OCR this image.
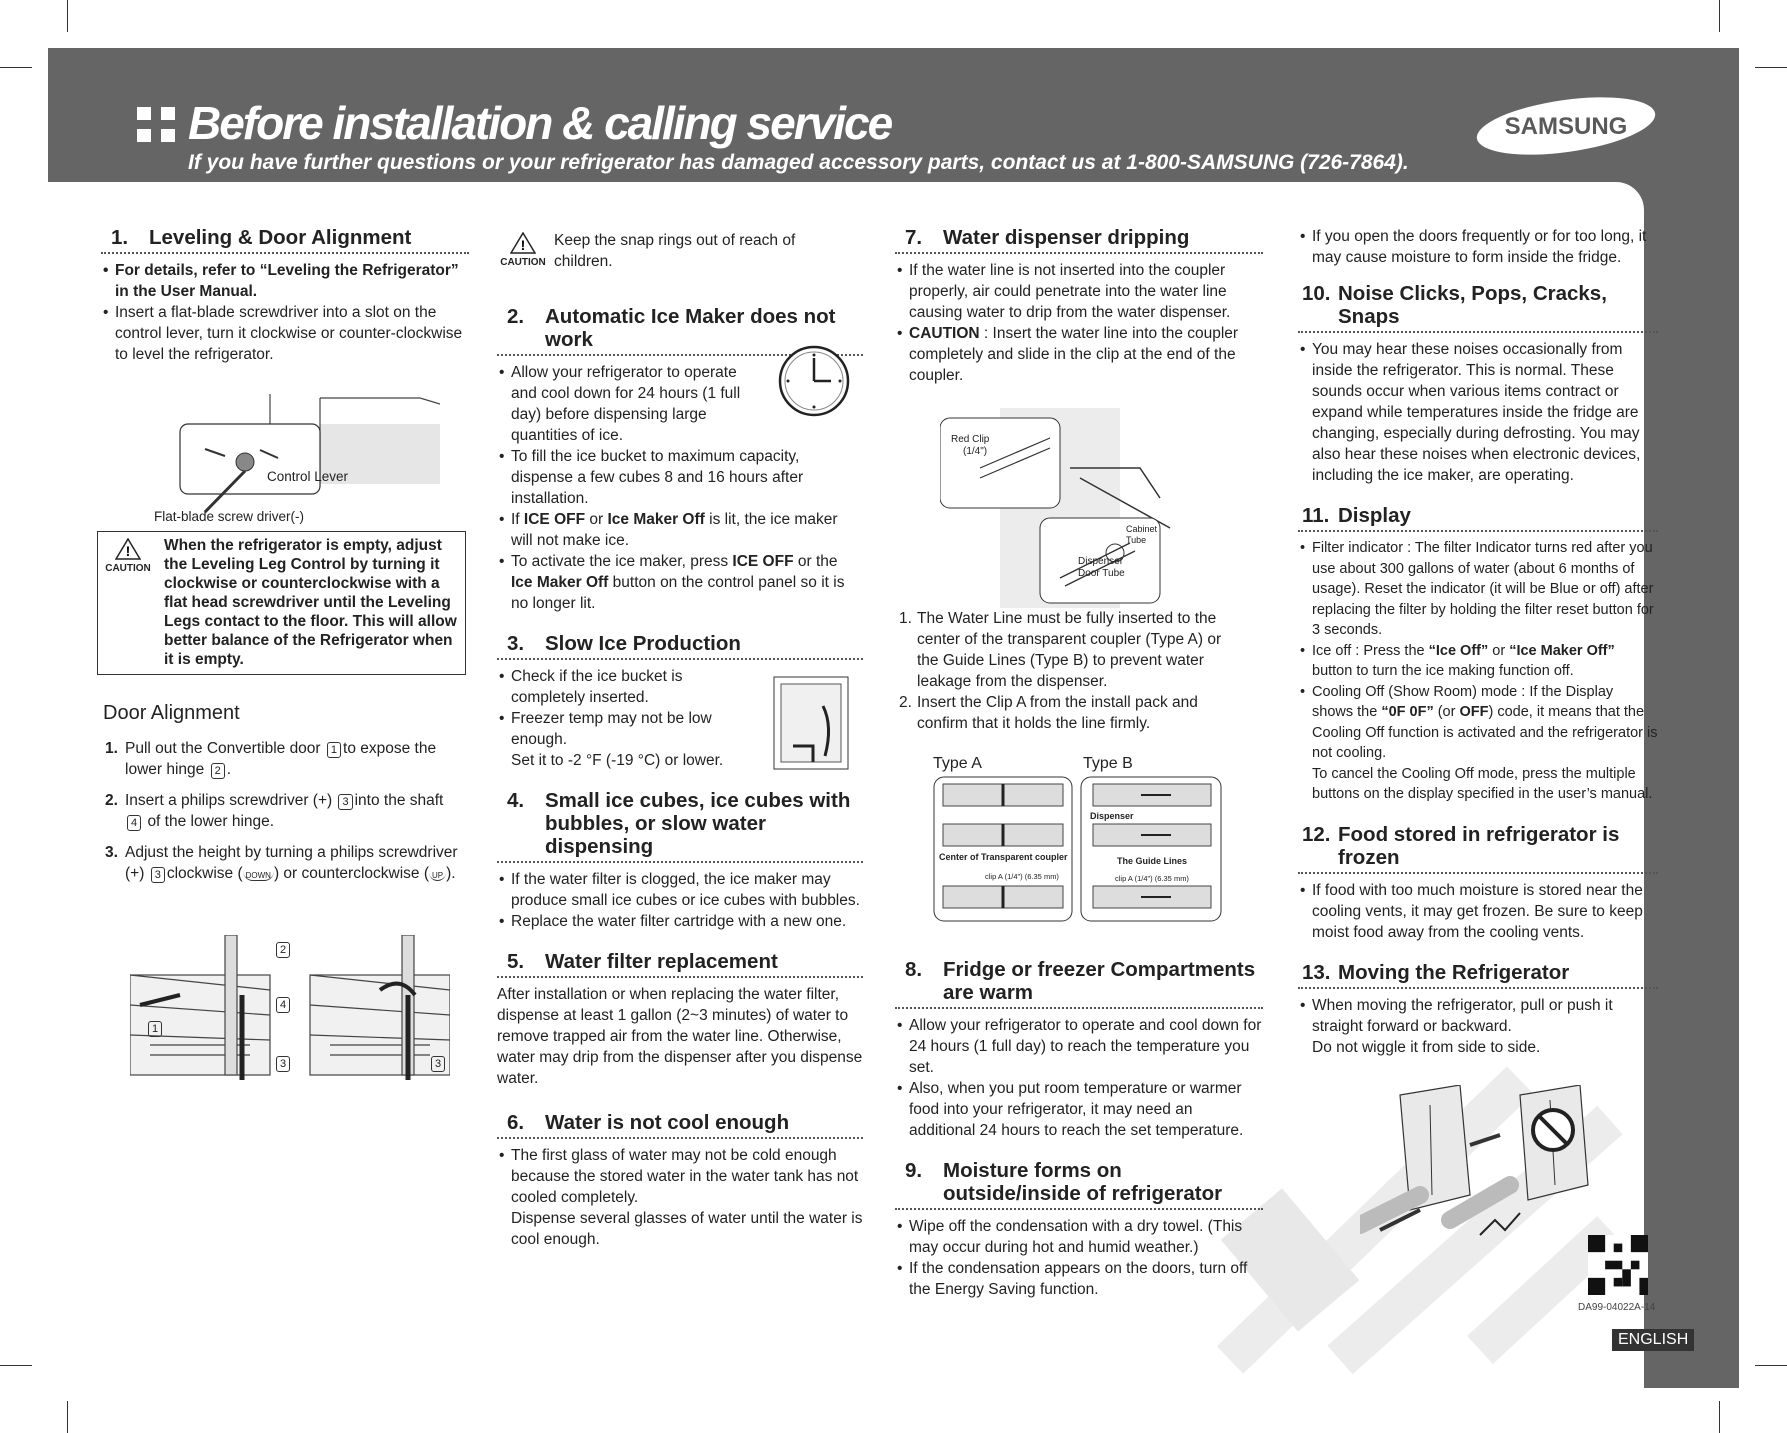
Before installation & calling service
If you have further questions or your refrigerator has damaged accessory parts, contact us at 1-800-SAMSUNG (726-7864).
SAMSUNG
1.	Leveling & Door Alignment

• For details, refer to “Leveling the Refrigerator” in the User Manual.

• Insert a flat-blade screwdriver into a slot on the control lever, turn it clockwise or counter-clockwise to level the refrigerator.

Control Lever
Flat-blade screw driver(-)
!
CAUTION
When the refrigerator is empty, adjust the Leveling Leg Control by turning it clockwise or counterclockwise with a flat head screwdriver until the Leveling Legs contact to the floor. This will allow better balance of the Refrigerator when it is empty.

Door Alignment

1. Pull out the Convertible door 1 to expose the lower hinge 2 .

2. Insert a philips screwdriver (+) 3 into the shaft
4 of the lower hinge.

3. Adjust the height by turning a philips screwdriver (+) 3 clockwise ( DOWN ) or counterclockwise ( UP ).

2
4
1
3	3
!
CAUTION
Keep the snap rings out of reach of children.
2.	Automatic Ice Maker does not work

• Allow your refrigerator to operate and cool down for 24 hours (1 full day) before dispensing large quantities of ice.

• To fill the ice bucket to maximum capacity, dispense a few cubes 8 and 16 hours after installation.

• If ICE OFF or Ice Maker Off is lit, the ice maker will not make ice.

• To activate the ice maker, press ICE OFF or the Ice Maker Off button on the control panel so it is no longer lit.

3.	Slow Ice Production

• Check if the ice bucket is completely inserted.

• Freezer temp may not be low enough.

Set it to -2 °F (-19 °C) or lower.

4.	Small ice cubes, ice cubes with bubbles, or slow water dispensing

• If the water filter is clogged, the ice maker may produce small ice cubes or ice cubes with bubbles.

• Replace the water filter cartridge with a new one.

5.	Water filter replacement

After installation or when replacing the water filter, dispense at least 1 gallon (2~3 minutes) of water to remove trapped air from the water line. Otherwise, water may drip from the dispenser after you dispense water.

6.	Water is not cool enough

• The first glass of water may not be cold enough because the stored water in the water tank has not cooled completely.

Dispense several glasses of water until the water is cool enough.

7.	Water dispenser dripping

• If the water line is not inserted into the coupler properly, air could penetrate into the water line causing water to drip from the water dispenser.

• CAUTION : Insert the water line into the coupler completely and slide in the clip at the end of the coupler.

Red Clip
(1/4")
Cabinet Tube
Dispenser Door Tube

1. The Water Line must be fully inserted to the center of the transparent coupler (Type A) or the Guide Lines (Type B) to prevent water leakage from the dispenser.

2. Insert the Clip A from the install pack and confirm that it holds the line firmly.

Type A	Type B
Center of Transparent coupler
clip A (1/4") (6.35 mm)
Dispenser
The Guide Lines
clip A (1/4") (6.35 mm)
8.	Fridge or freezer Compartments are warm

• Allow your refrigerator to operate and cool down for 24 hours (1 full day) to reach the temperature you set.

• Also, when you put room temperature or warmer food into your refrigerator, it may need an additional 24 hours to reach the set temperature.

9.	Moisture forms on outside/inside of refrigerator

• Wipe off the condensation with a dry towel. (This may occur during hot and humid weather.)

• If the condensation appears on the doors, turn off the Energy Saving function.

• If you open the doors frequently or for too long, it may cause moisture to form inside the fridge.

10. Noise Clicks, Pops, Cracks, Snaps

• You may hear these noises occasionally from inside the refrigerator. This is normal. These sounds occur when various items contract or expand while temperatures inside the fridge are changing, especially during defrosting. You may also hear these noises when electronic devices, including the ice maker, are operating.

11. Display

• Filter indicator : The filter Indicator turns red after you use about 300 gallons of water (about 6 months of usage). Reset the indicator (it will be Blue or off) after replacing the filter by holding the filter reset button for 3 seconds.

• Ice off : Press the “Ice Off” or “Ice Maker Off” button to turn the ice making function off.

• Cooling Off (Show Room) mode : If the Display shows the “0F 0F” (or OFF) code, it means that the Cooling Off function is activated and the refrigerator is not cooling.

To cancel the Cooling Off mode, press the multiple buttons on the display specified in the user’s manual.

12. Food stored in refrigerator is frozen

• If food with too much moisture is stored near the cooling vents, it may get frozen. Be sure to keep moist food away from the cooling vents.

13. Moving the Refrigerator

• When moving the refrigerator, pull or push it straight forward or backward.

Do not wiggle it from side to side.

DA99-04022A-14
ENGLISH
